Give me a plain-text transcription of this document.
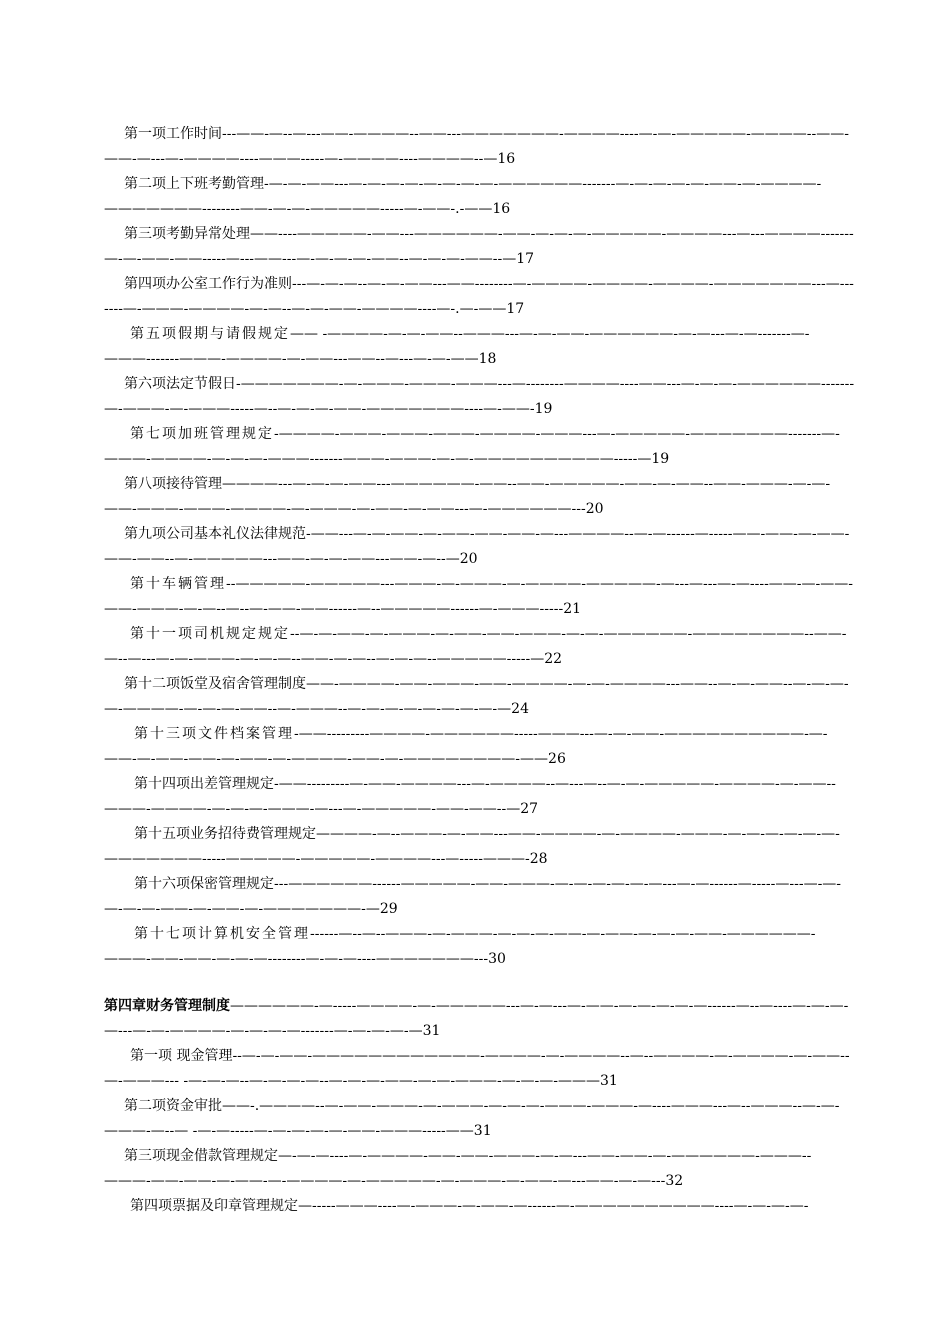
第一项工作时间---——-—--—---——-————--——---———————-————----—-—-—————-————--——-——-—---—-————----———-----—-————----————--—16
第二项上下班考勤管理-—-—-——---—-—-—-—-—-—-—-—-——————-------—-—-—-—-—-——-—-————-———————--------——-—-—-—————-----—-——-.-——16
第三项考勤异常处理——----—————-——---——————-——-—-—-—-—————-————---—---————-------—-—-——-——-----—---——---—-—-—-—-——--—-—-—-——--—17
第四项办公室工作行为准则---—-—-—--—-—-——---——--------—-————-————-————-———————---—-------—-———-————-—-—--—-—-——-————----—-.—-——17
第五项假期与请假规定—— -————-—-—-——--———---—-—-——-——————-—-—---—-—-------—-———-------———-————-—-——---——--—---—-—-——18
第六项法定节假日-———————-—-———-———-———---—--------————----——---—-—-—-——————-------—-———-—-———-----—--—-—-—-——-———————----—-——-19
第七项加班管理规定-————-———-———-———-————-———---—-—————-———————-------—-———-————-—-—-—-———-------———-———-—-—-——————————-----—19
第八项接待管理————---—-—-—-——---——————-——--——-—————-——-—-——--——-———-—-—-——-———-———-————-—-———-—-——-—-——---—-——————---20
第九项公司基本礼仪法律规范-——---—-—-——-—-——-——-——-—---————--—-—------—-----——-——-—-——-——-——--—-—————---——-—-—-——---——-—--—20
第十车辆管理--—————-—————---———-—-———-—-————-—————-—---—---—-—----——-—-——-——-———-—-—--—--—-——-——------—--—————------—-———-----21
第十一项司机规定规定--—-—-——-—-———-—-——-——-———-—-—-——————-————————--——-—--—---—-—-———-—-—-—--——-—-—--—-—-—--—————-----—22
第十二项饭堂及宿舍管理制度——-————-——-———-——-————-—-—-————---——--—-—-——--—-—-—-—-————-—-—-—-——--—-———--—-—-—-—-—-—-—-—-—24
第十三项文件档案管理-——---------————-——————-----———---—-—-——-——————————-—-——-—-——-——-—-——-—-————-——-—-————————-——26
第十四项出差管理规定-——---------—-——-————---—-————--—---—--—-—-—————-————-—-——--———-————-—-—-—-———-—---—-—————-——-——--—27
第十五项业务招待费管理规定————-—--———-—-——---——-————-—-————-———-—-—-—-—-—-—-———————-----—————-—————-————---—-----———-28
第十六项保密管理规定---——————------—————-——-———-—-—-—-—-—-—---—-—------—-----—---—-—-—-—-—-——-—-——-—-———————-—29
第十七项计算机安全管理------—--—--———-—-———-—-—-—-——-—-——-—-—-—-——-——————-———-——-——-—-—-—--------—-—-—----———————---30
第四章财务管理制度——————-—-----————-—-—————---—-—---—-——-—-—-—-—-—------—--—----—-—-—-—---—-—-————-—-—-—-—-------—-—-—-—-—31
第一项 现金管理--—-—-——-————————————-————-—-————--—--————-—-————-—-——--—-———--- -—-—-—--—-—-—-—--—-—-—-——-—-—-———-—-—-—-———31
第二项资金审批——-.————--—-——-———-—-———-—-—-—-———-———-—----———---—--———--—-—-———-—--— -—-—-----—-—-—-—-—-——-———-----——31
第三项现金借款管理规定—-—-—----—-————-——-——-———-—-—---——-——-—-——————-———--———-——-——-—-——-—-————-—-—————-—-———-—-——-—---——-—-—---32
第四项票据及印章管理规定—-----———----—-———-—-——-—------—-——————————----—-—-—-—-
